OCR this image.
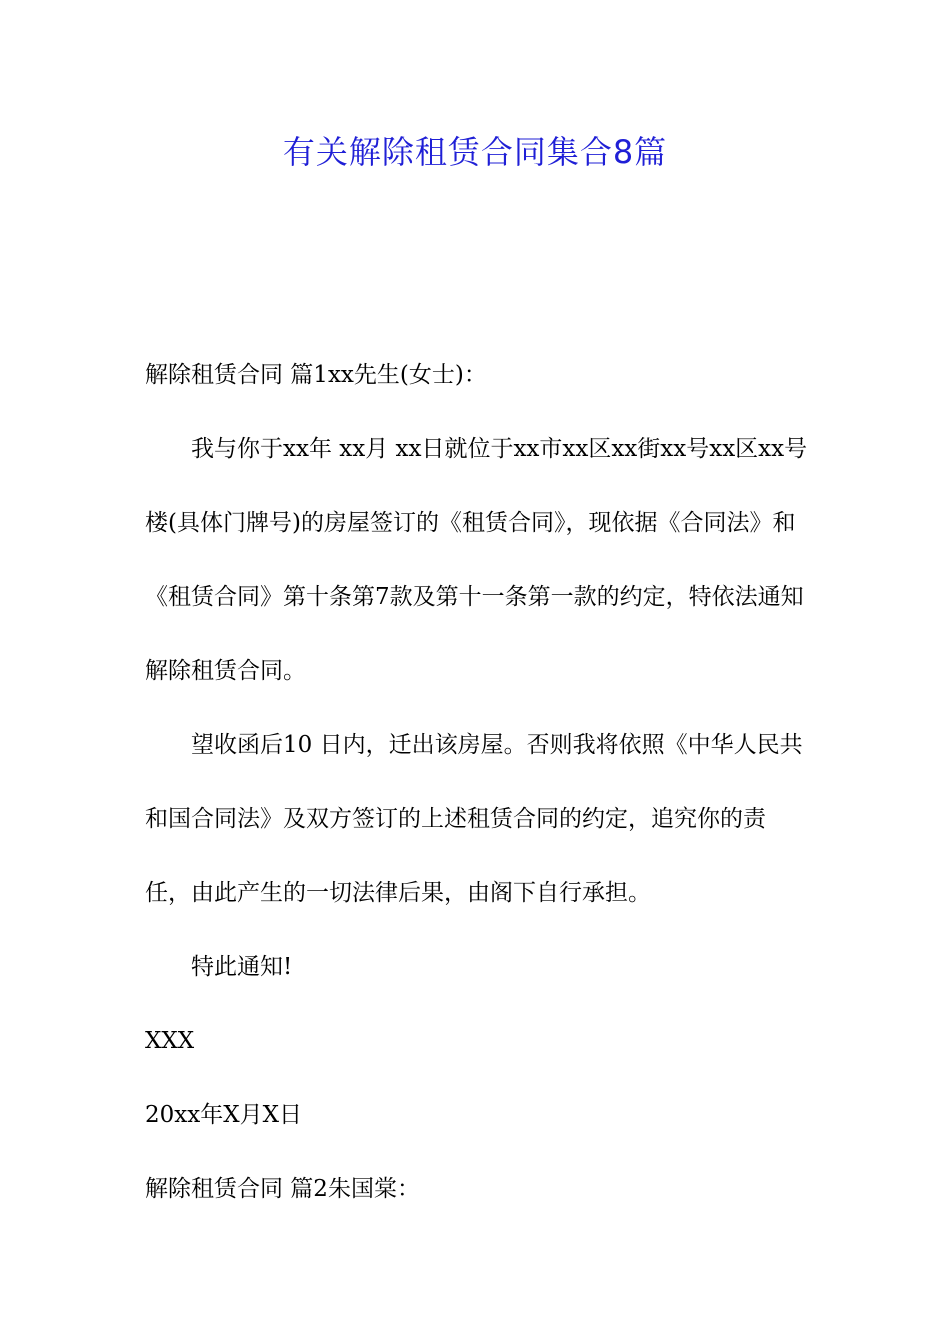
有关解除租赁合同集合8篇

解除租赁合同 篇1xx先生(女士)：

我与你于xx年 xx月 xx日就位于xx市xx区xx街xx号xx区xx号楼(具体门牌号)的房屋签订的《租赁合同》，现依据《合同法》和《租赁合同》第十条第7款及第十一条第一款的约定，特依法通知解除租赁合同。

望收函后10 日内，迁出该房屋。否则我将依照《中华人民共和国合同法》及双方签订的上述租赁合同的约定，追究你的责任，由此产生的一切法律后果，由阁下自行承担。

特此通知!

XXX

20xx年X月X日

解除租赁合同 篇2朱国棠：
